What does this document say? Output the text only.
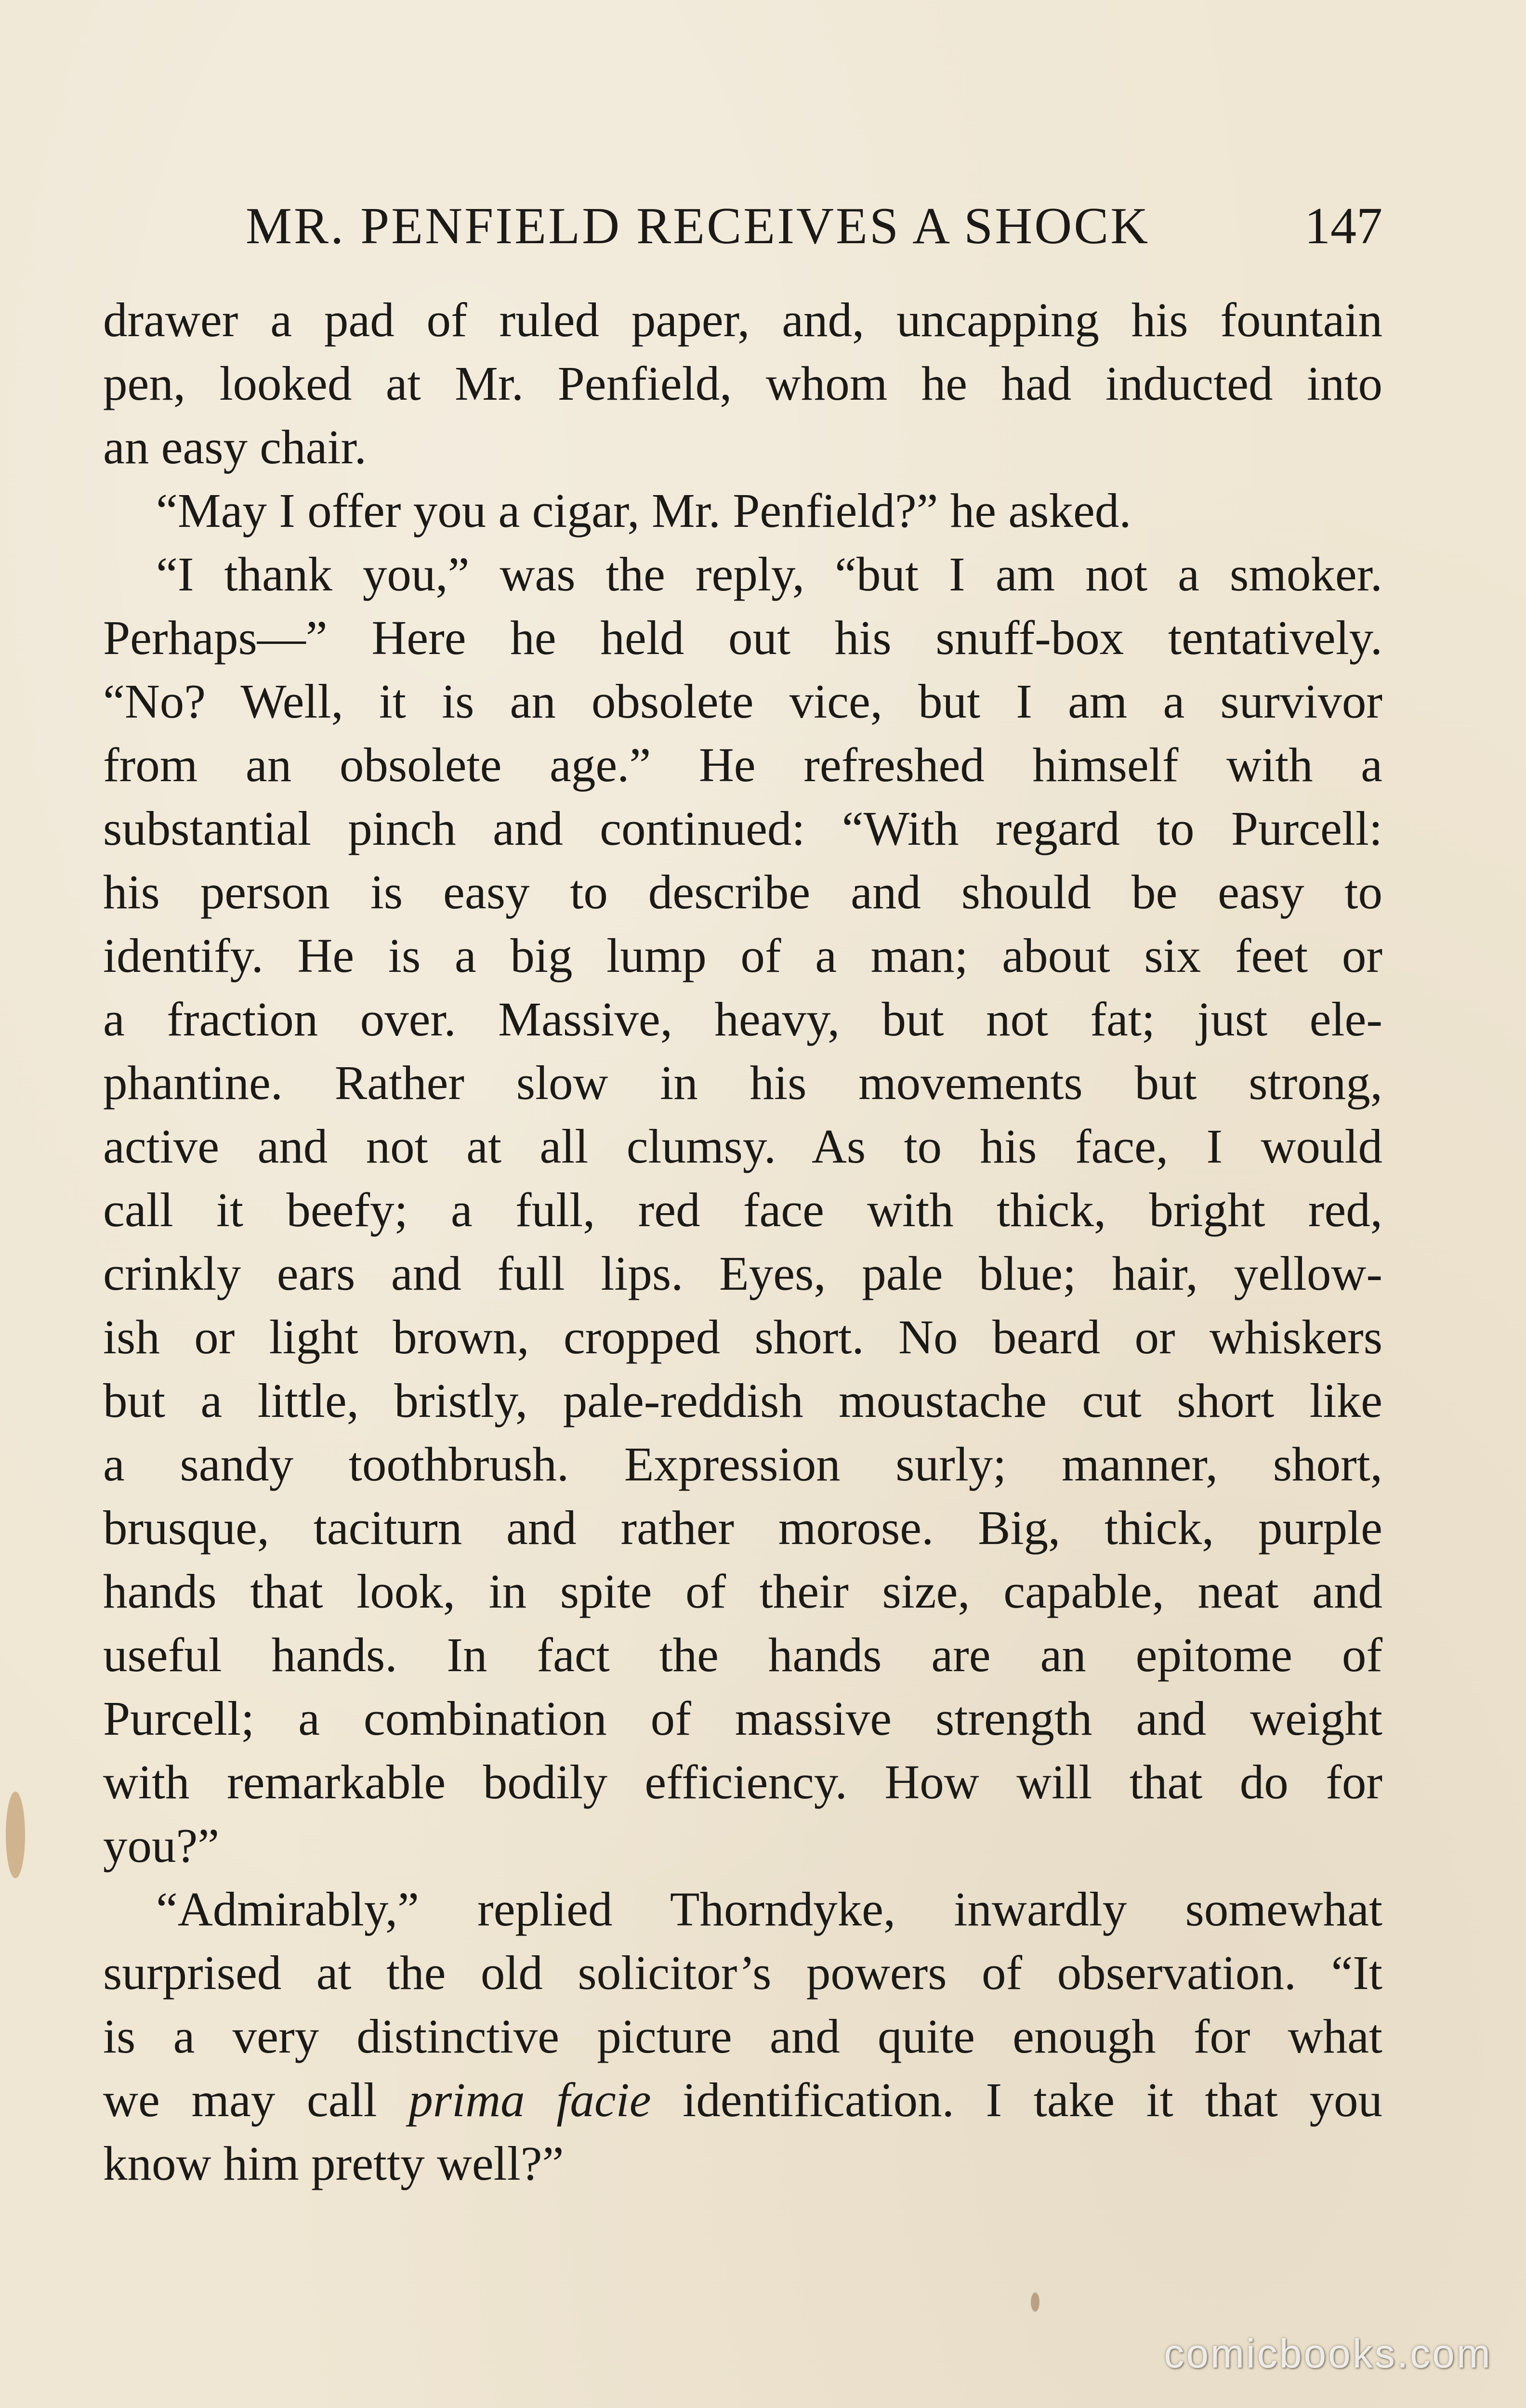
MR. PENFIELD RECEIVES A SHOCK	147
drawer a pad of ruled paper, and, uncapping his fountain
pen, looked at Mr. Penfield, whom he had inducted into
an easy chair.
“May I offer you a cigar, Mr. Penfield?” he asked.
“I thank you,” was the reply, “but I am not a smoker.
Perhaps—” Here he held out his snuff-box tentatively.
“No? Well, it is an obsolete vice, but I am a survivor
from an obsolete age.” He refreshed himself with a
substantial pinch and continued: “With regard to Purcell:
his person is easy to describe and should be easy to
identify. He is a big lump of a man; about six feet or
a fraction over. Massive, heavy, but not fat; just ele-
phantine. Rather slow in his movements but strong,
active and not at all clumsy. As to his face, I would
call it beefy; a full, red face with thick, bright red,
crinkly ears and full lips. Eyes, pale blue; hair, yellow-
ish or light brown, cropped short. No beard or whiskers
but a little, bristly, pale-reddish moustache cut short like
a sandy toothbrush. Expression surly; manner, short,
brusque, taciturn and rather morose. Big, thick, purple
hands that look, in spite of their size, capable, neat and
useful hands. In fact the hands are an epitome of
Purcell; a combination of massive strength and weight
with remarkable bodily efficiency. How will that do for
you?”
“Admirably,” replied Thorndyke, inwardly somewhat
surprised at the old solicitor’s powers of observation. “It
is a very distinctive picture and quite enough for what
we may call prima facie identification. I take it that you
know him pretty well?”
comicbooks.com
